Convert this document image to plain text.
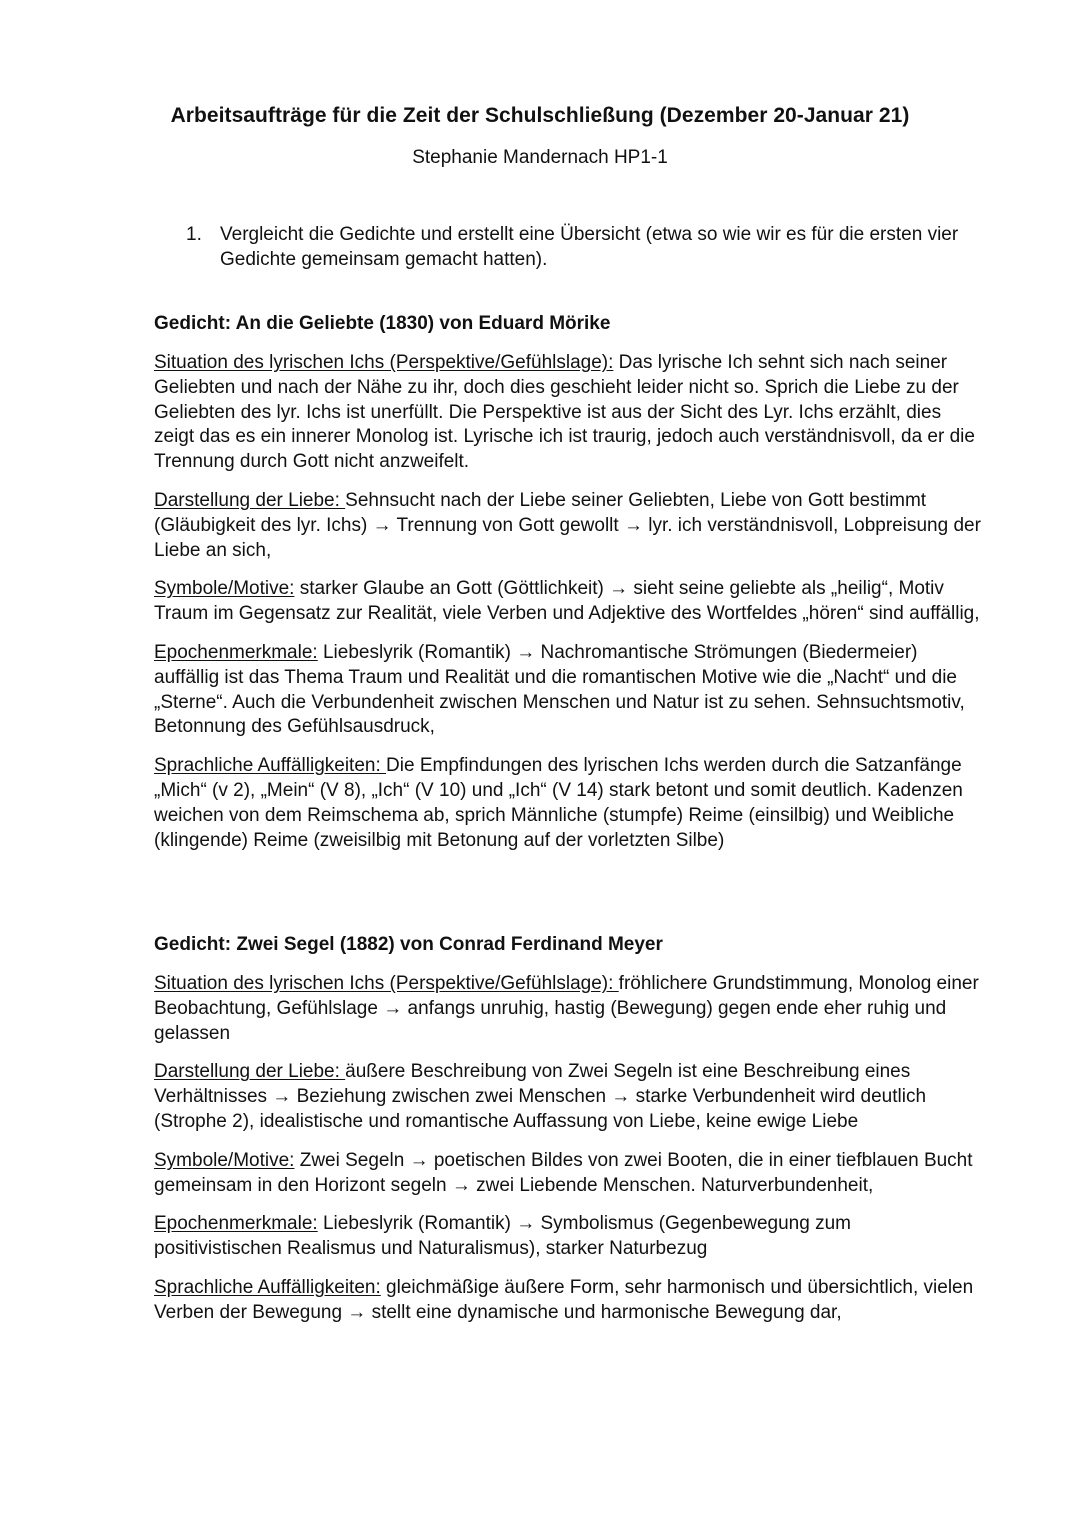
Arbeitsaufträge für die Zeit der Schulschließung (Dezember 20-Januar 21)
Stephanie Mandernach HP1-1
1. Vergleicht die Gedichte und erstellt eine Übersicht (etwa so wie wir es für die ersten vier Gedichte gemeinsam gemacht hatten).
Gedicht: An die Geliebte (1830) von Eduard Mörike

Situation des lyrischen Ichs (Perspektive/Gefühlslage): Das lyrische Ich sehnt sich nach seiner Geliebten und nach der Nähe zu ihr, doch dies geschieht leider nicht so. Sprich die Liebe zu der Geliebten des lyr. Ichs ist unerfüllt. Die Perspektive ist aus der Sicht des Lyr. Ichs erzählt, dies zeigt das es ein innerer Monolog ist. Lyrische ich ist traurig, jedoch auch verständnisvoll, da er die Trennung durch Gott nicht anzweifelt.

Darstellung der Liebe: Sehnsucht nach der Liebe seiner Geliebten, Liebe von Gott bestimmt (Gläubigkeit des lyr. Ichs) → Trennung von Gott gewollt → lyr. ich verständnisvoll, Lobpreisung der Liebe an sich,

Symbole/Motive: starker Glaube an Gott (Göttlichkeit) → sieht seine geliebte als „heilig“, Motiv Traum im Gegensatz zur Realität, viele Verben und Adjektive des Wortfeldes „hören“ sind auffällig,

Epochenmerkmale: Liebeslyrik (Romantik) → Nachromantische Strömungen (Biedermeier) auffällig ist das Thema Traum und Realität und die romantischen Motive wie die „Nacht“ und die „Sterne“. Auch die Verbundenheit zwischen Menschen und Natur ist zu sehen. Sehnsuchtsmotiv, Betonnung des Gefühlsausdruck,

Sprachliche Auffälligkeiten: Die Empfindungen des lyrischen Ichs werden durch die Satzanfänge „Mich“ (v 2), „Mein“ (V 8), „Ich“ (V 10) und „Ich“ (V 14) stark betont und somit deutlich. Kadenzen weichen von dem Reimschema ab, sprich Männliche (stumpfe) Reime (einsilbig) und Weibliche (klingende) Reime (zweisilbig mit Betonung auf der vorletzten Silbe)

Gedicht: Zwei Segel (1882) von Conrad Ferdinand Meyer

Situation des lyrischen Ichs (Perspektive/Gefühlslage): fröhlichere Grundstimmung, Monolog einer Beobachtung, Gefühlslage → anfangs unruhig, hastig (Bewegung) gegen ende eher ruhig und gelassen

Darstellung der Liebe: äußere Beschreibung von Zwei Segeln ist eine Beschreibung eines Verhältnisses → Beziehung zwischen zwei Menschen → starke Verbundenheit wird deutlich (Strophe 2), idealistische und romantische Auffassung von Liebe, keine ewige Liebe

Symbole/Motive: Zwei Segeln → poetischen Bildes von zwei Booten, die in einer tiefblauen Bucht gemeinsam in den Horizont segeln → zwei Liebende Menschen. Naturverbundenheit,

Epochenmerkmale: Liebeslyrik (Romantik) → Symbolismus (Gegenbewegung zum positivistischen Realismus und Naturalismus), starker Naturbezug

Sprachliche Auffälligkeiten: gleichmäßige äußere Form, sehr harmonisch und übersichtlich, vielen Verben der Bewegung → stellt eine dynamische und harmonische Bewegung dar,
